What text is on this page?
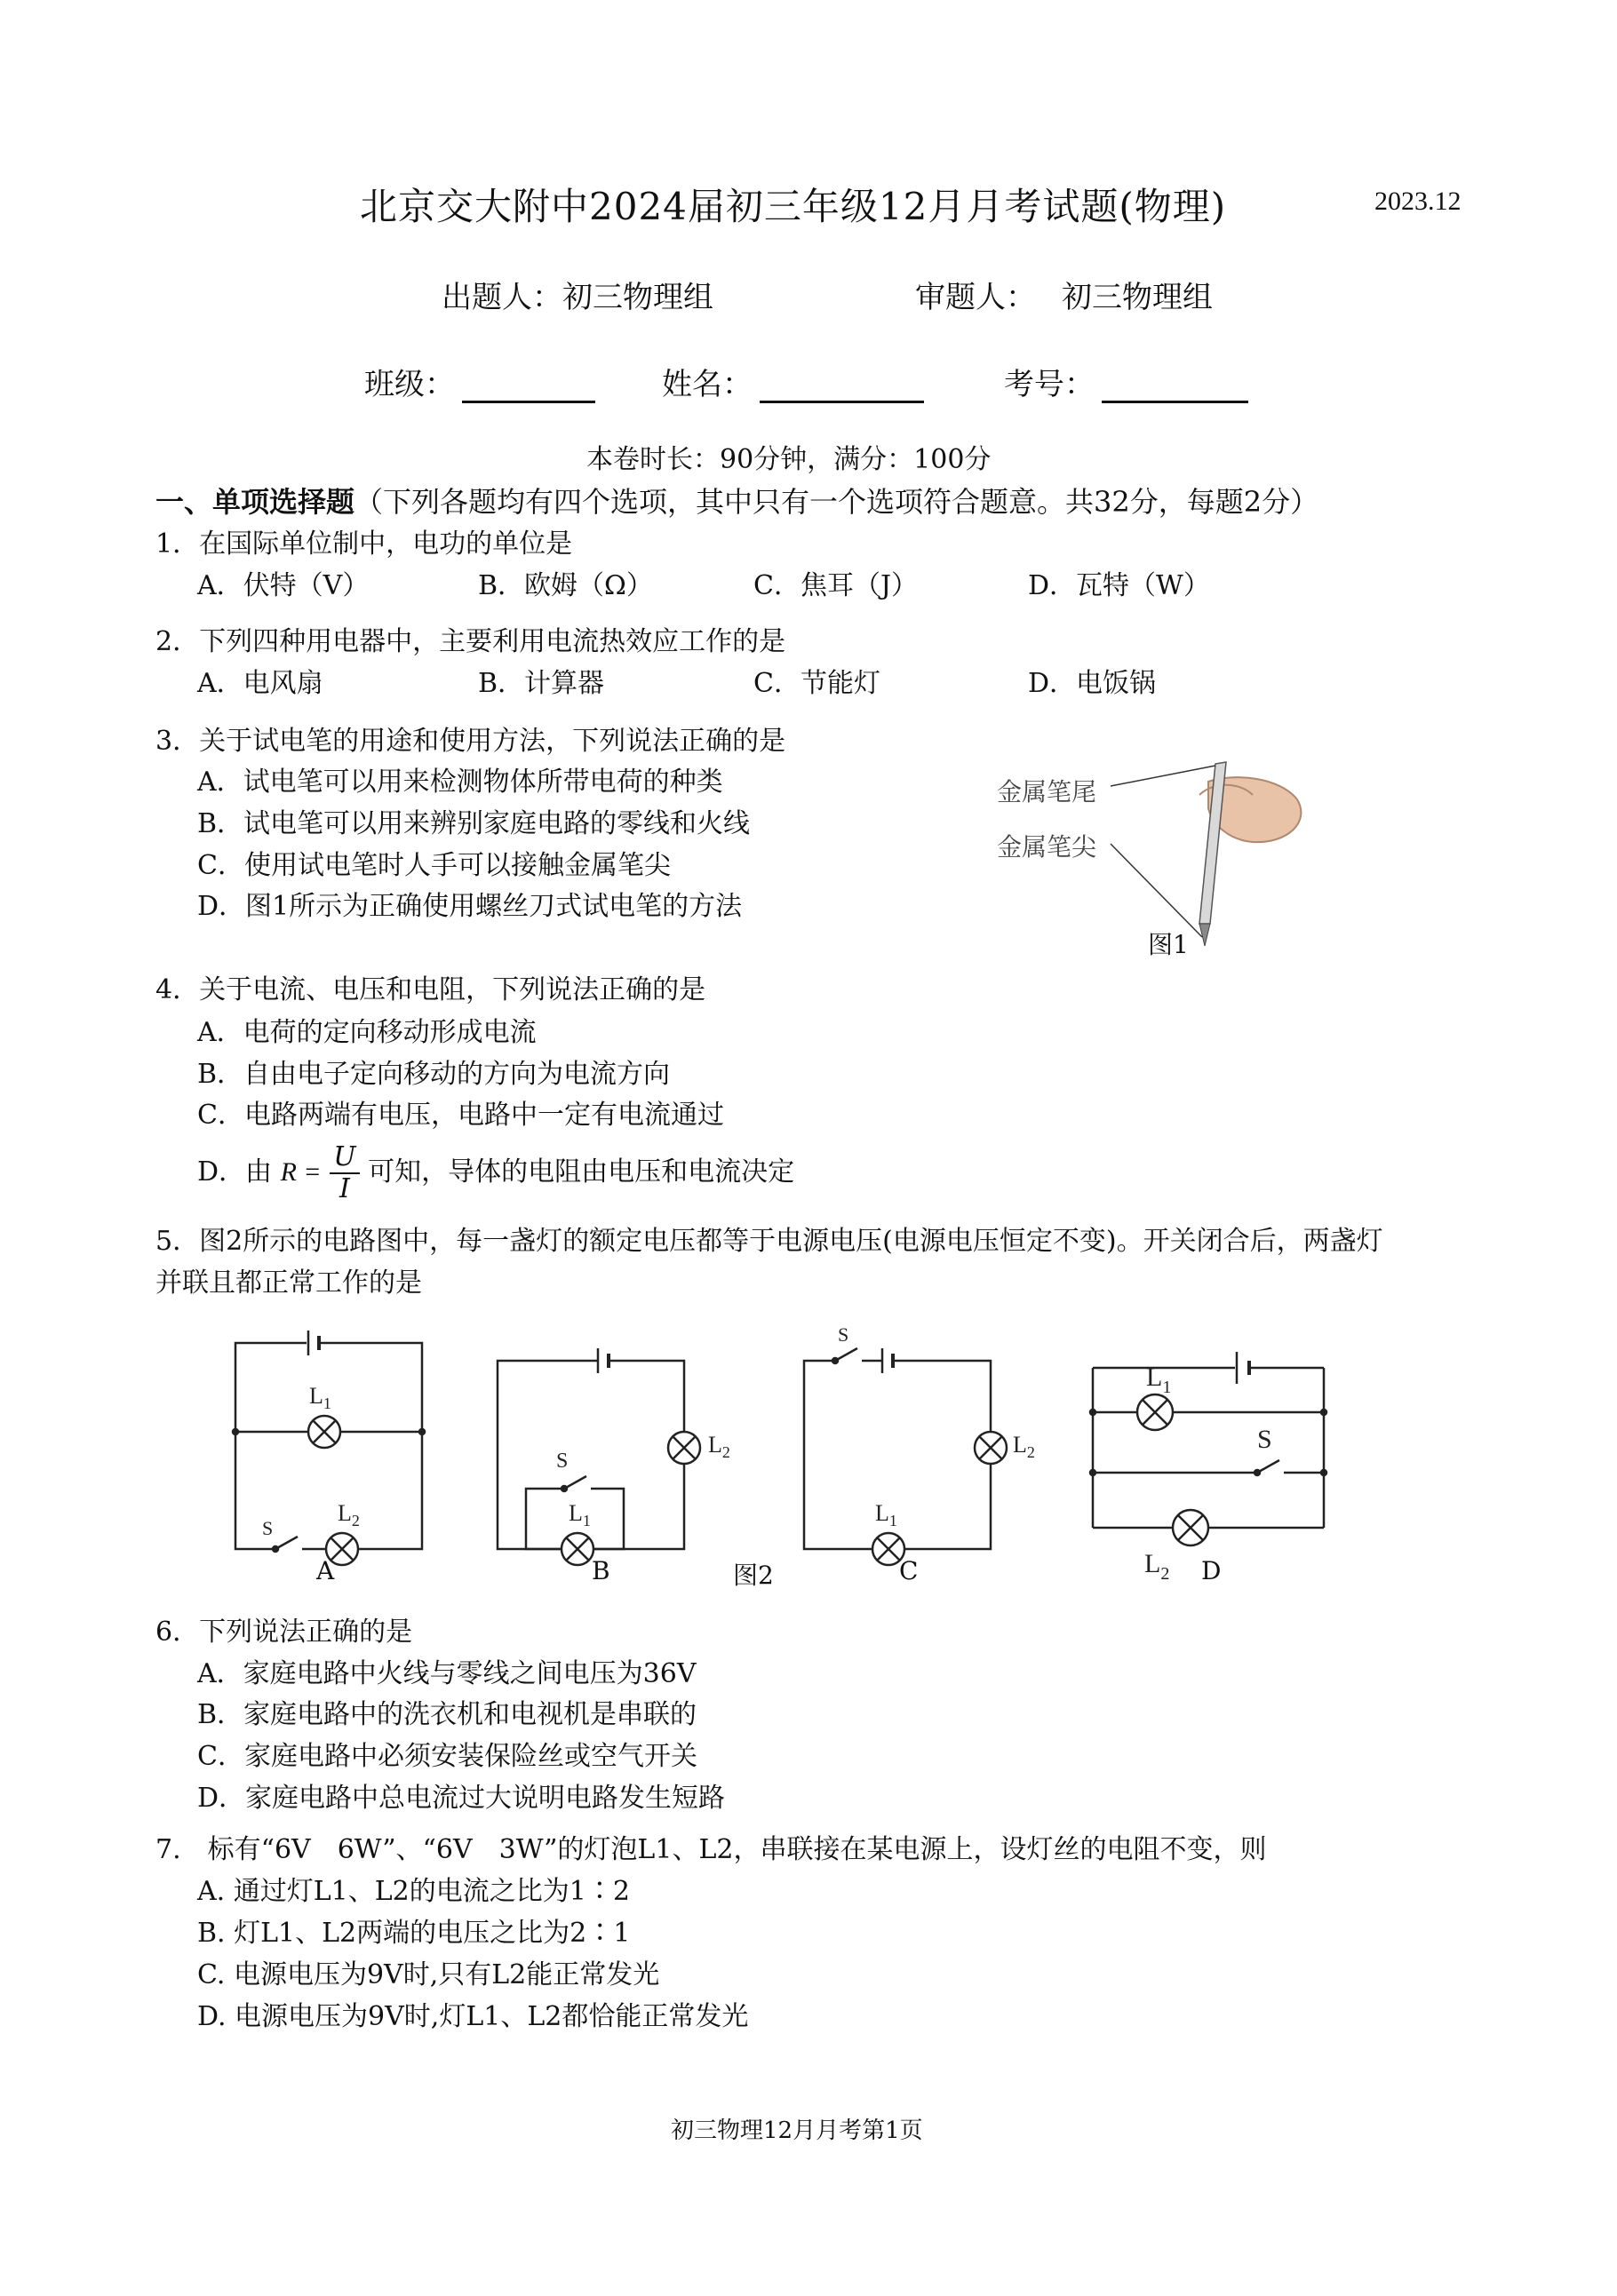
北京交大附中2024届初三年级12月月考试题(物理)	2023.12
出题人：初三物理组	审题人： 初三物理组
班级：	姓名：	考号：
本卷时长：90分钟，满分：100分
一、单项选择题（下列各题均有四个选项，其中只有一个选项符合题意。共32分，每题2分）
1．在国际单位制中，电功的单位是
A．伏特（V）	B．欧姆（Ω）	C．焦耳（J）	D．瓦特（W）
2．下列四种用电器中，主要利用电流热效应工作的是
A．电风扇	B．计算器	C．节能灯	D．电饭锅
3．关于试电笔的用途和使用方法，下列说法正确的是
A．试电笔可以用来检测物体所带电荷的种类
B．试电笔可以用来辨别家庭电路的零线和火线
C．使用试电笔时人手可以接触金属笔尖
D．图1所示为正确使用螺丝刀式试电笔的方法
金属笔尾
金属笔尖
图1
4．关于电流、电压和电阻，下列说法正确的是
A．电荷的定向移动形成电流
B．自由电子定向移动的方向为电流方向
C．电路两端有电压，电路中一定有电流通过
D．由 $R = \frac{U}{I}$ 可知，导体的电阻由电压和电流决定
5．图2所示的电路图中，每一盏灯的额定电压都等于电源电压(电源电压恒定不变)。开关闭合后，两盏灯
并联且都正常工作的是
$L_1$
$L_2$
S
$L_2$
S
$L_1$
S
$L_2$
$L_1$
$L_1$
S
$L_2$
A	B	图2	C	D
6．下列说法正确的是
A．家庭电路中火线与零线之间电压为36V
B．家庭电路中的洗衣机和电视机是串联的
C．家庭电路中必须安装保险丝或空气开关
D．家庭电路中总电流过大说明电路发生短路
7.　标有“6V　6W”、“6V　3W”的灯泡L1、L2，串联接在某电源上，设灯丝的电阻不变，则
A. 通过灯L1、L2的电流之比为1∶2
B. 灯L1、L2两端的电压之比为2∶1
C. 电源电压为9V时,只有L2能正常发光
D. 电源电压为9V时,灯L1、L2都恰能正常发光
初三物理12月月考第1页
